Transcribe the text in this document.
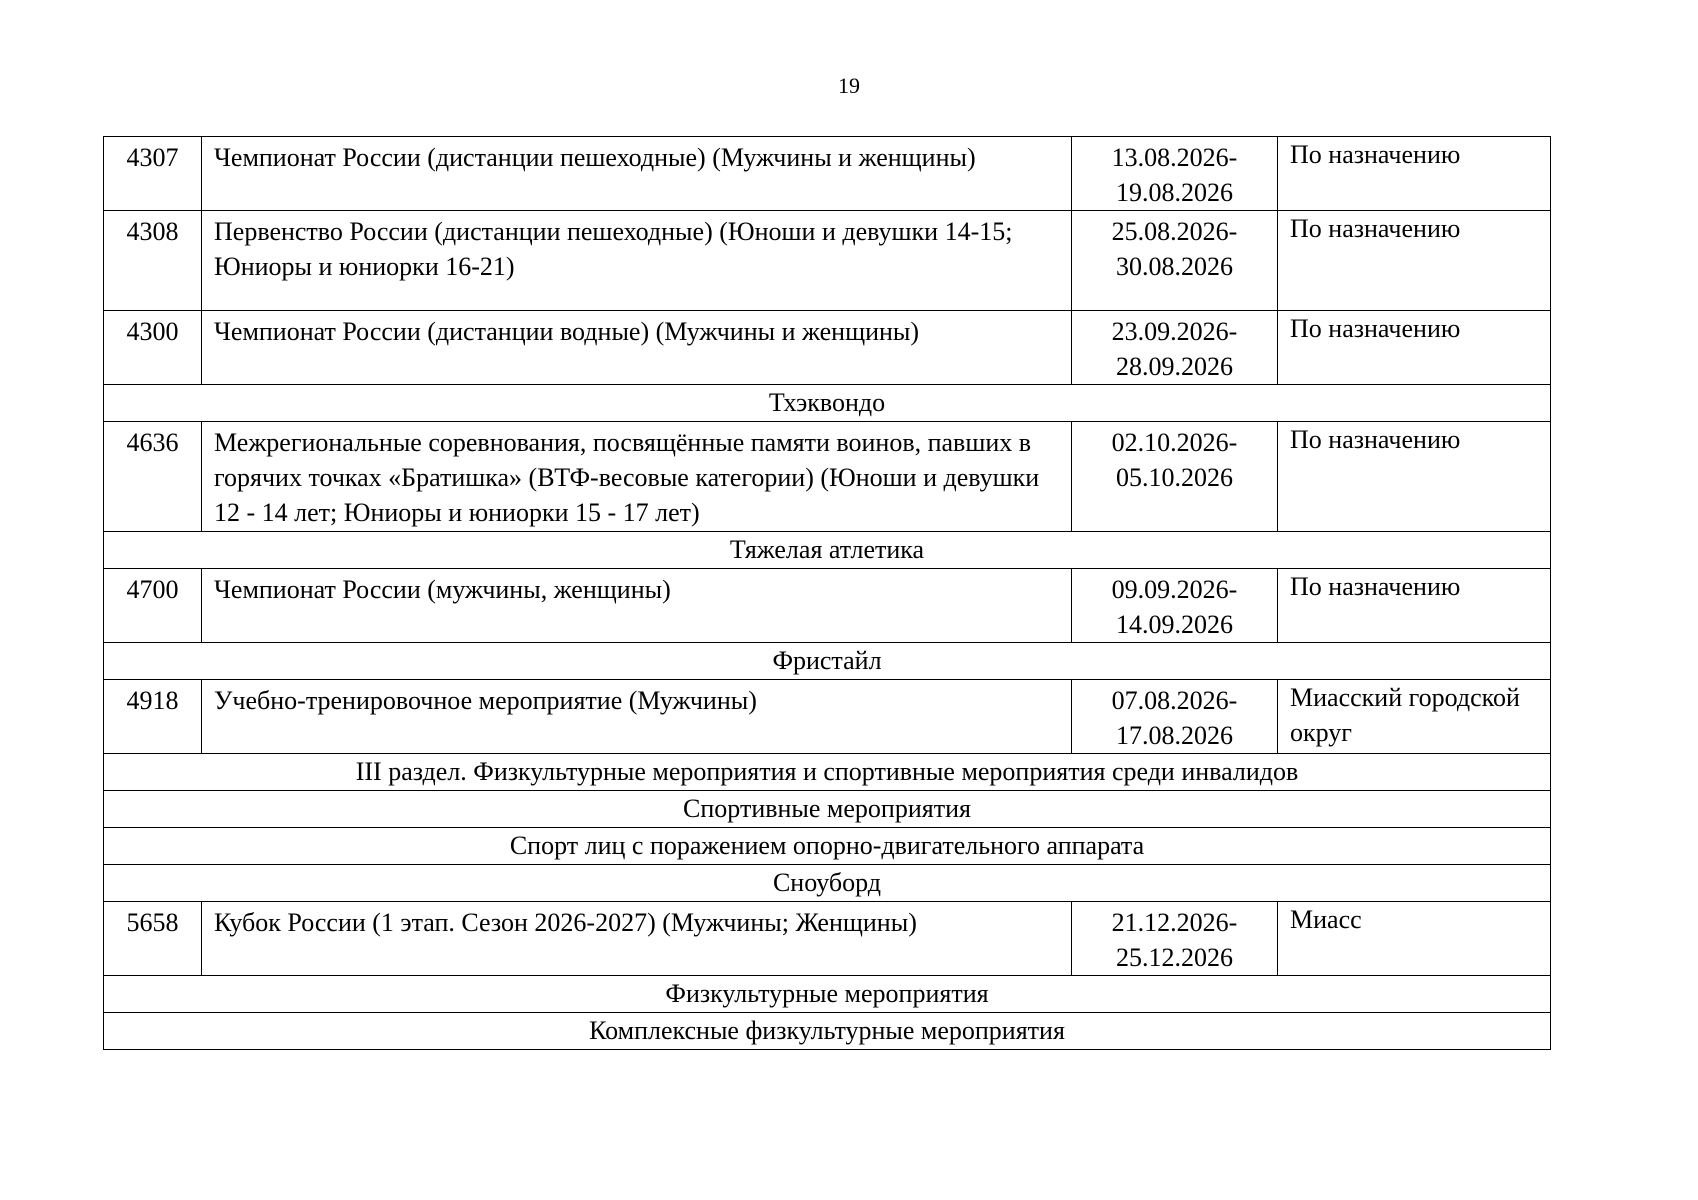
19
4307	Чемпионат России (дистанции пешеходные) (Мужчины и женщины)	13.08.2026-
19.08.2026	По назначению
4308	Первенство России (дистанции пешеходные) (Юноши и девушки 14-15; Юниоры и юниорки 16-21)	25.08.2026-
30.08.2026	По назначению
4300	Чемпионат России (дистанции водные) (Мужчины и женщины)	23.09.2026-
28.09.2026	По назначению
Тхэквондо			
4636	Межрегиональные соревнования, посвящённые памяти воинов, павших в горячих точках «Братишка» (ВТФ-весовые категории) (Юноши и девушки 12 - 14 лет; Юниоры и юниорки 15 - 17 лет)	02.10.2026-
05.10.2026	По назначению
Тяжелая атлетика			
4700	Чемпионат России (мужчины, женщины)	09.09.2026-
14.09.2026	По назначению
Фристайл			
4918	Учебно-тренировочное мероприятие (Мужчины)	07.08.2026-
17.08.2026	Миасский городской округ
III раздел. Физкультурные мероприятия и спортивные мероприятия среди инвалидов			
Спортивные мероприятия			
Спорт лиц с поражением опорно-двигательного аппарата			
Сноуборд			
5658	Кубок России (1 этап. Сезон 2026-2027) (Мужчины; Женщины)	21.12.2026-
25.12.2026	Миасс
Физкультурные мероприятия			
Комплексные физкультурные мероприятия			
